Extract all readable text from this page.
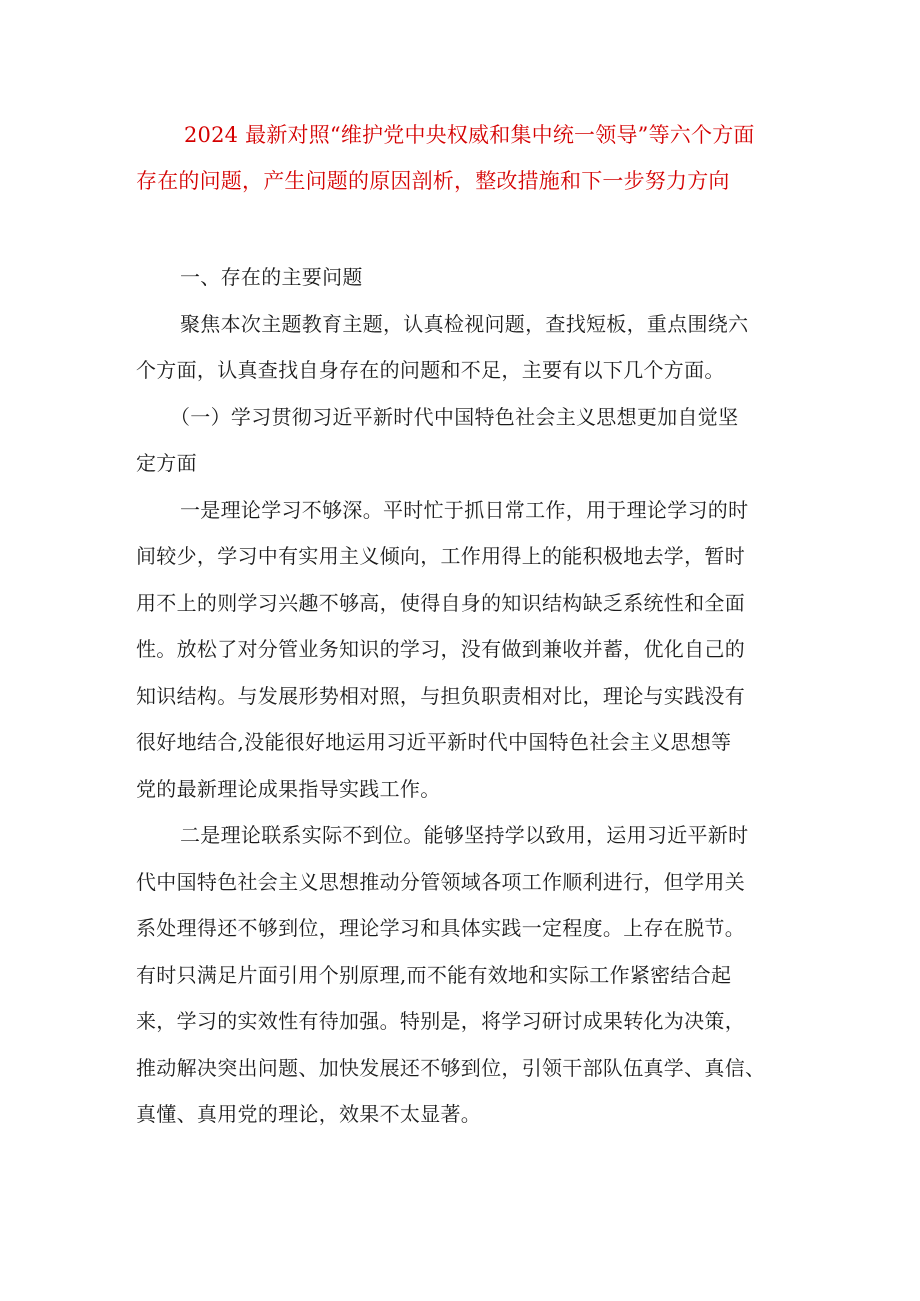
2024 最新对照“维护党中央权威和集中统一领导”等六个方面
存在的问题，产生问题的原因剖析，整改措施和下一步努力方向

一、存在的主要问题

聚焦本次主题教育主题，认真检视问题，查找短板，重点围绕六
个方面，认真查找自身存在的问题和不足，主要有以下几个方面。

（一）学习贯彻习近平新时代中国特色社会主义思想更加自觉坚
定方面

一是理论学习不够深。平时忙于抓日常工作，用于理论学习的时
间较少，学习中有实用主义倾向，工作用得上的能积极地去学，暂时
用不上的则学习兴趣不够高，使得自身的知识结构缺乏系统性和全面
性。放松了对分管业务知识的学习，没有做到兼收并蓄，优化自己的
知识结构。与发展形势相对照，与担负职责相对比，理论与实践没有
很好地结合,没能很好地运用习近平新时代中国特色社会主义思想等
党的最新理论成果指导实践工作。

二是理论联系实际不到位。能够坚持学以致用，运用习近平新时
代中国特色社会主义思想推动分管领域各项工作顺利进行，但学用关
系处理得还不够到位，理论学习和具体实践一定程度。上存在脱节。
有时只满足片面引用个别原理,而不能有效地和实际工作紧密结合起
来，学习的实效性有待加强。特别是，将学习研讨成果转化为决策，
推动解决突出问题、加快发展还不够到位，引领干部队伍真学、真信、
真懂、真用党的理论，效果不太显著。
